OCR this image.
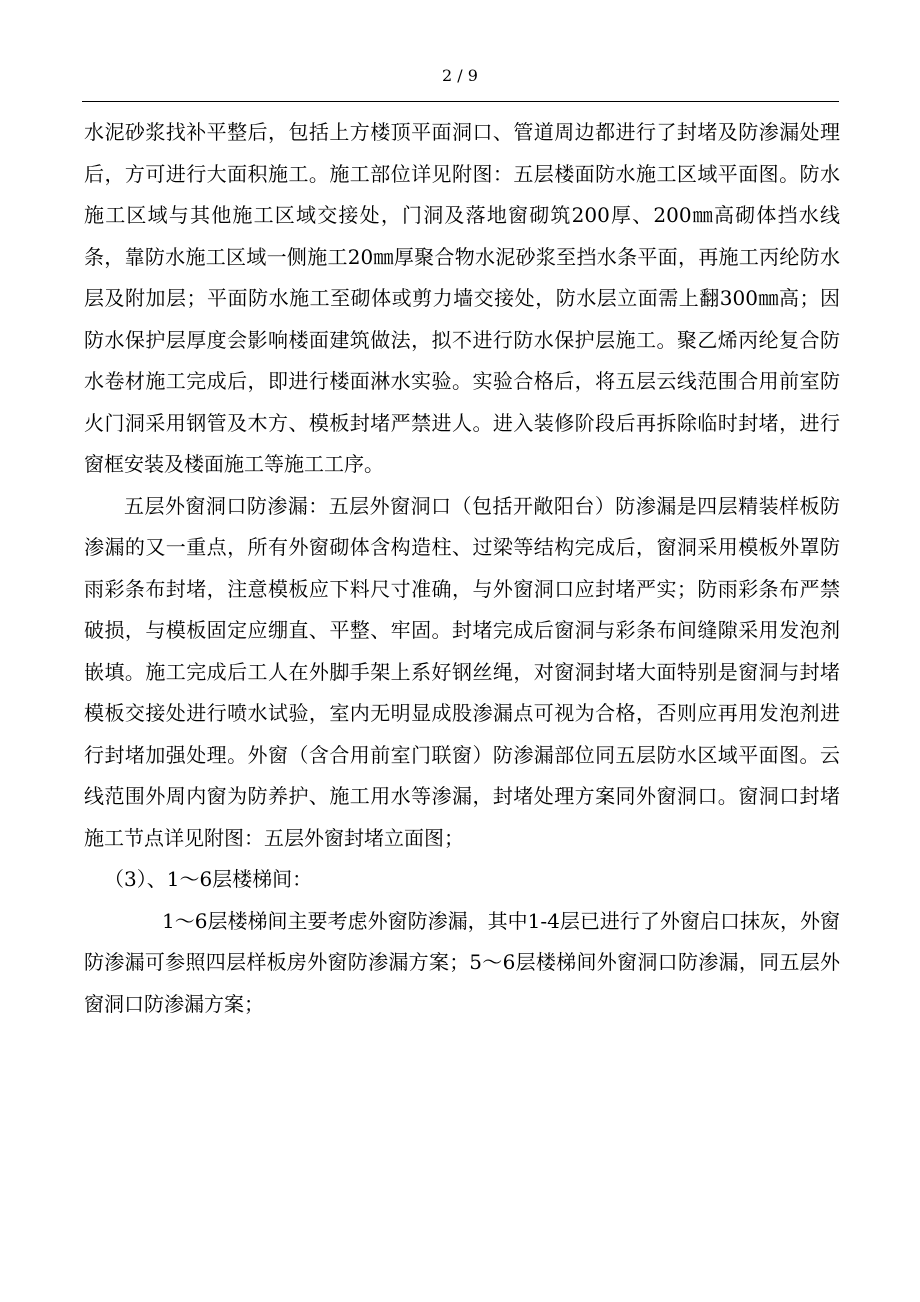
2 / 9

水泥砂浆找补平整后，包括上方楼顶平面洞口、管道周边都进行了封堵及防渗漏处理后，方可进行大面积施工。施工部位详见附图：五层楼面防水施工区域平面图。防水施工区域与其他施工区域交接处，门洞及落地窗砌筑200厚、200㎜高砌体挡水线条，靠防水施工区域一侧施工20㎜厚聚合物水泥砂浆至挡水条平面，再施工丙纶防水层及附加层；平面防水施工至砌体或剪力墙交接处，防水层立面需上翻300㎜高；因防水保护层厚度会影响楼面建筑做法，拟不进行防水保护层施工。聚乙烯丙纶复合防水卷材施工完成后，即进行楼面淋水实验。实验合格后，将五层云线范围合用前室防火门洞采用钢管及木方、模板封堵严禁进人。进入装修阶段后再拆除临时封堵，进行窗框安装及楼面施工等施工工序。

五层外窗洞口防渗漏：五层外窗洞口（包括开敞阳台）防渗漏是四层精装样板防渗漏的又一重点，所有外窗砌体含构造柱、过梁等结构完成后，窗洞采用模板外罩防雨彩条布封堵，注意模板应下料尺寸准确，与外窗洞口应封堵严实；防雨彩条布严禁破损，与模板固定应绷直、平整、牢固。封堵完成后窗洞与彩条布间缝隙采用发泡剂嵌填。施工完成后工人在外脚手架上系好钢丝绳，对窗洞封堵大面特别是窗洞与封堵模板交接处进行喷水试验，室内无明显成股渗漏点可视为合格，否则应再用发泡剂进行封堵加强处理。外窗（含合用前室门联窗）防渗漏部位同五层防水区域平面图。云线范围外周内窗为防养护、施工用水等渗漏，封堵处理方案同外窗洞口。窗洞口封堵施工节点详见附图：五层外窗封堵立面图；

（3）、1～6层楼梯间：

1～6层楼梯间主要考虑外窗防渗漏，其中1-4层已进行了外窗启口抹灰，外窗防渗漏可参照四层样板房外窗防渗漏方案；5～6层楼梯间外窗洞口防渗漏，同五层外窗洞口防渗漏方案；
